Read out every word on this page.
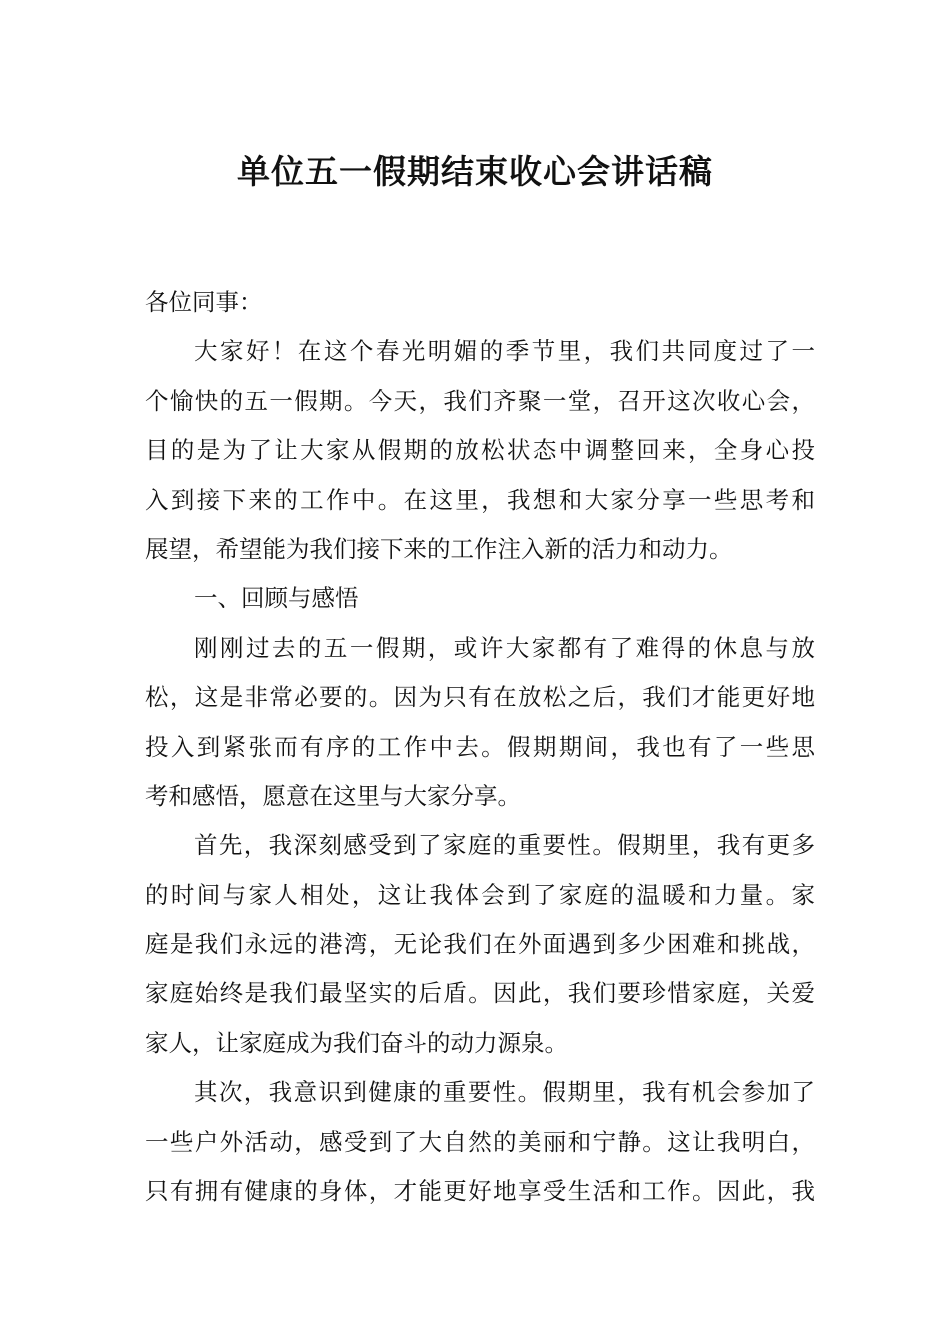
单位五一假期结束收心会讲话稿
各位同事：
大家好！在这个春光明媚的季节里，我们共同度过了一
个愉快的五一假期。今天，我们齐聚一堂，召开这次收心会，
目的是为了让大家从假期的放松状态中调整回来，全身心投
入到接下来的工作中。在这里，我想和大家分享一些思考和
展望，希望能为我们接下来的工作注入新的活力和动力。
一、回顾与感悟
刚刚过去的五一假期，或许大家都有了难得的休息与放
松，这是非常必要的。因为只有在放松之后，我们才能更好地
投入到紧张而有序的工作中去。假期期间，我也有了一些思
考和感悟，愿意在这里与大家分享。
首先，我深刻感受到了家庭的重要性。假期里，我有更多
的时间与家人相处，这让我体会到了家庭的温暖和力量。家
庭是我们永远的港湾，无论我们在外面遇到多少困难和挑战，
家庭始终是我们最坚实的后盾。因此，我们要珍惜家庭，关爱
家人，让家庭成为我们奋斗的动力源泉。
其次，我意识到健康的重要性。假期里，我有机会参加了
一些户外活动，感受到了大自然的美丽和宁静。这让我明白，
只有拥有健康的身体，才能更好地享受生活和工作。因此，我
